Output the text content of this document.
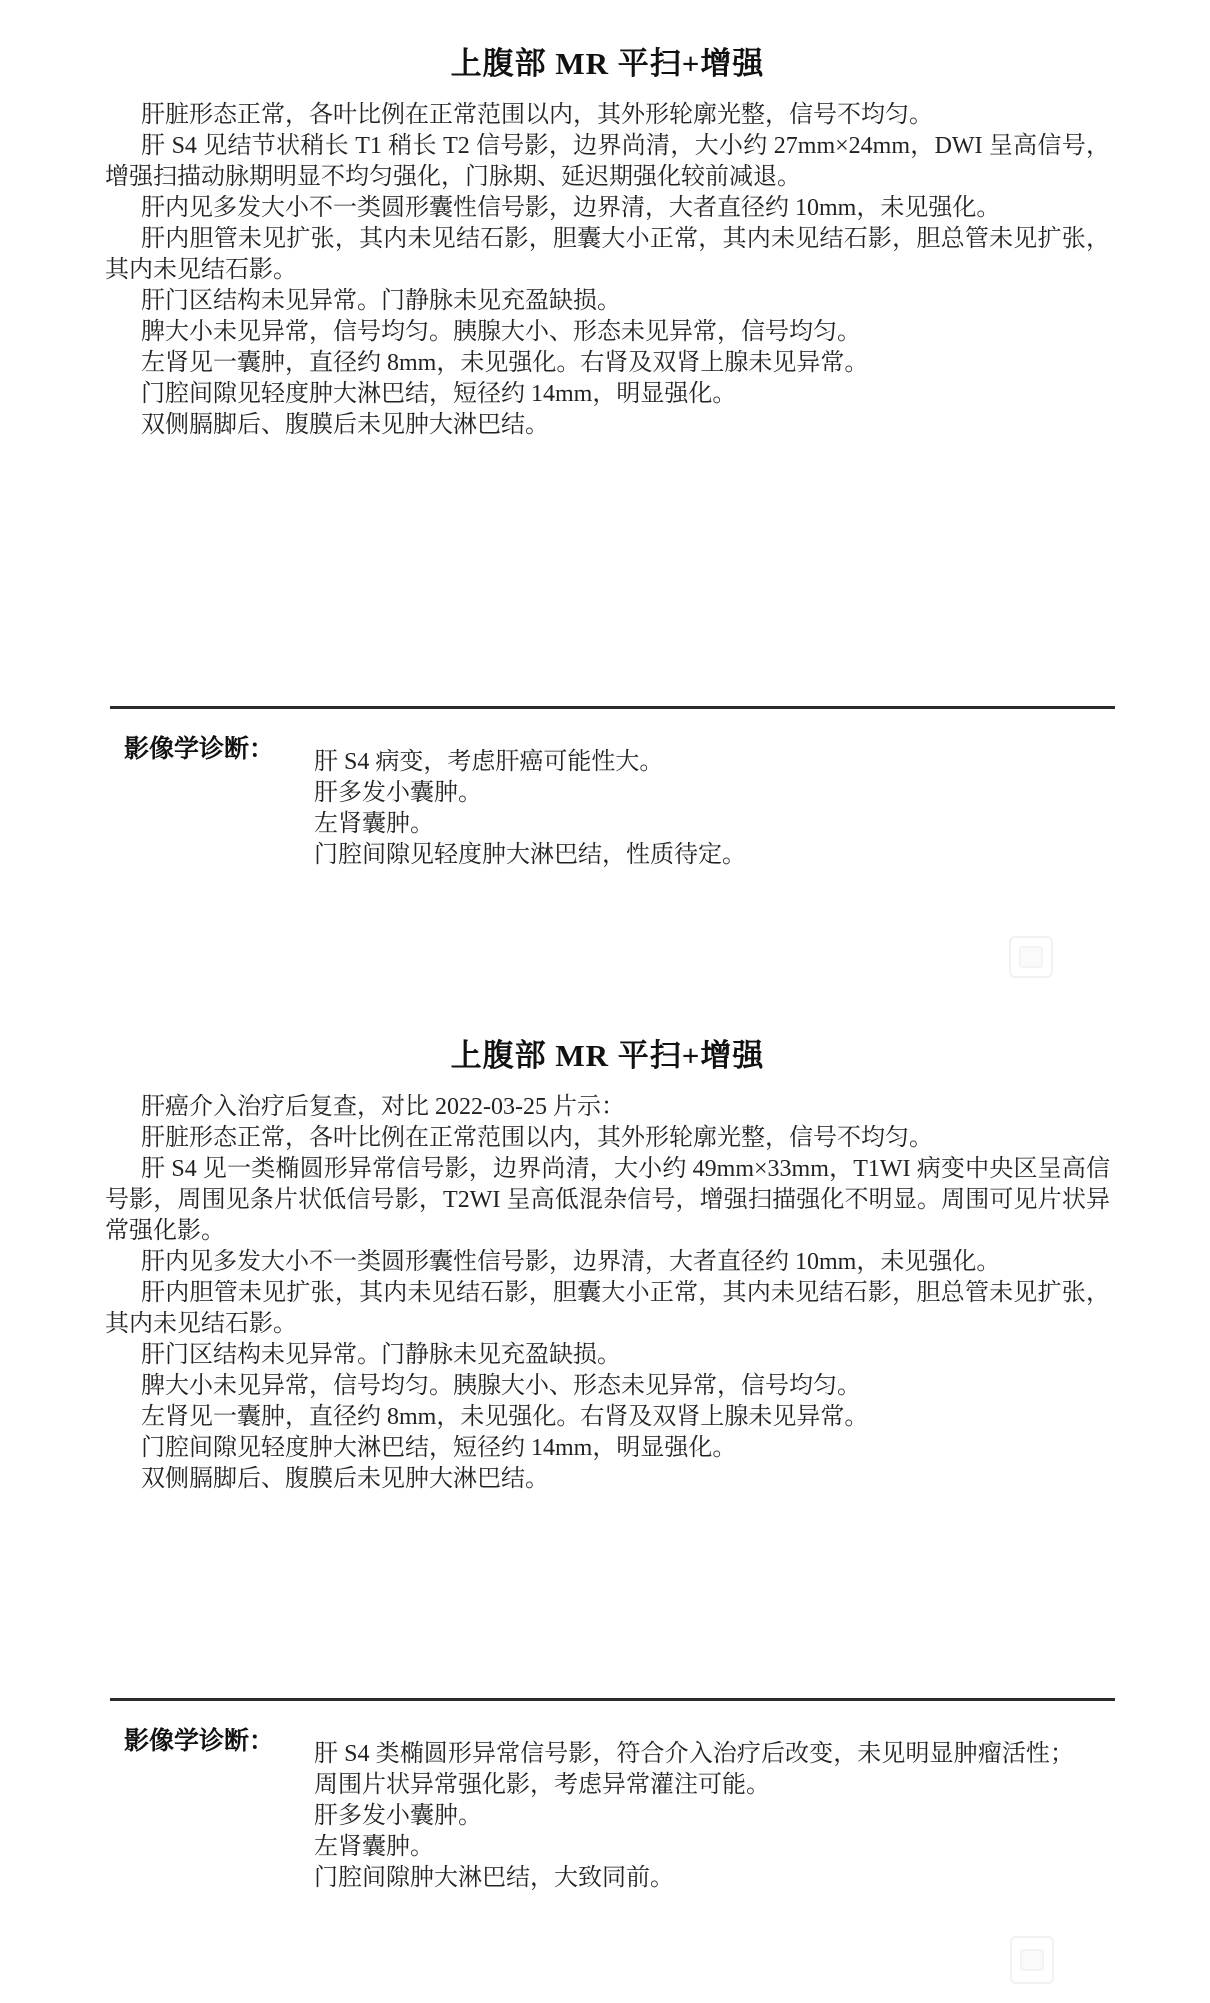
上腹部 MR 平扫+增强

肝脏形态正常，各叶比例在正常范围以内，其外形轮廓光整，信号不均匀。

肝 S4 见结节状稍长 T1 稍长 T2 信号影，边界尚清，大小约 27mm×24mm，DWI 呈高信号，增强扫描动脉期明显不均匀强化，门脉期、延迟期强化较前减退。

肝内见多发大小不一类圆形囊性信号影，边界清，大者直径约 10mm，未见强化。

肝内胆管未见扩张，其内未见结石影，胆囊大小正常，其内未见结石影，胆总管未见扩张，其内未见结石影。

肝门区结构未见异常。门静脉未见充盈缺损。

脾大小未见异常，信号均匀。胰腺大小、形态未见异常，信号均匀。

左肾见一囊肿，直径约 8mm，未见强化。右肾及双肾上腺未见异常。

门腔间隙见轻度肿大淋巴结，短径约 14mm，明显强化。

双侧膈脚后、腹膜后未见肿大淋巴结。

影像学诊断：	肝 S4 病变，考虑肝癌可能性大。

肝多发小囊肿。

左肾囊肿。

门腔间隙见轻度肿大淋巴结，性质待定。

上腹部 MR 平扫+增强

肝癌介入治疗后复查，对比 2022-03-25 片示：

肝脏形态正常，各叶比例在正常范围以内，其外形轮廓光整，信号不均匀。

肝 S4 见一类椭圆形异常信号影，边界尚清，大小约 49mm×33mm，T1WI 病变中央区呈高信号影，周围见条片状低信号影，T2WI 呈高低混杂信号，增强扫描强化不明显。周围可见片状异常强化影。

肝内见多发大小不一类圆形囊性信号影，边界清，大者直径约 10mm，未见强化。

肝内胆管未见扩张，其内未见结石影，胆囊大小正常，其内未见结石影，胆总管未见扩张，其内未见结石影。

肝门区结构未见异常。门静脉未见充盈缺损。

脾大小未见异常，信号均匀。胰腺大小、形态未见异常，信号均匀。

左肾见一囊肿，直径约 8mm，未见强化。右肾及双肾上腺未见异常。

门腔间隙见轻度肿大淋巴结，短径约 14mm，明显强化。

双侧膈脚后、腹膜后未见肿大淋巴结。

影像学诊断：	肝 S4 类椭圆形异常信号影，符合介入治疗后改变，未见明显肿瘤活性；周围片状异常强化影，考虑异常灌注可能。

肝多发小囊肿。

左肾囊肿。

门腔间隙肿大淋巴结，大致同前。
